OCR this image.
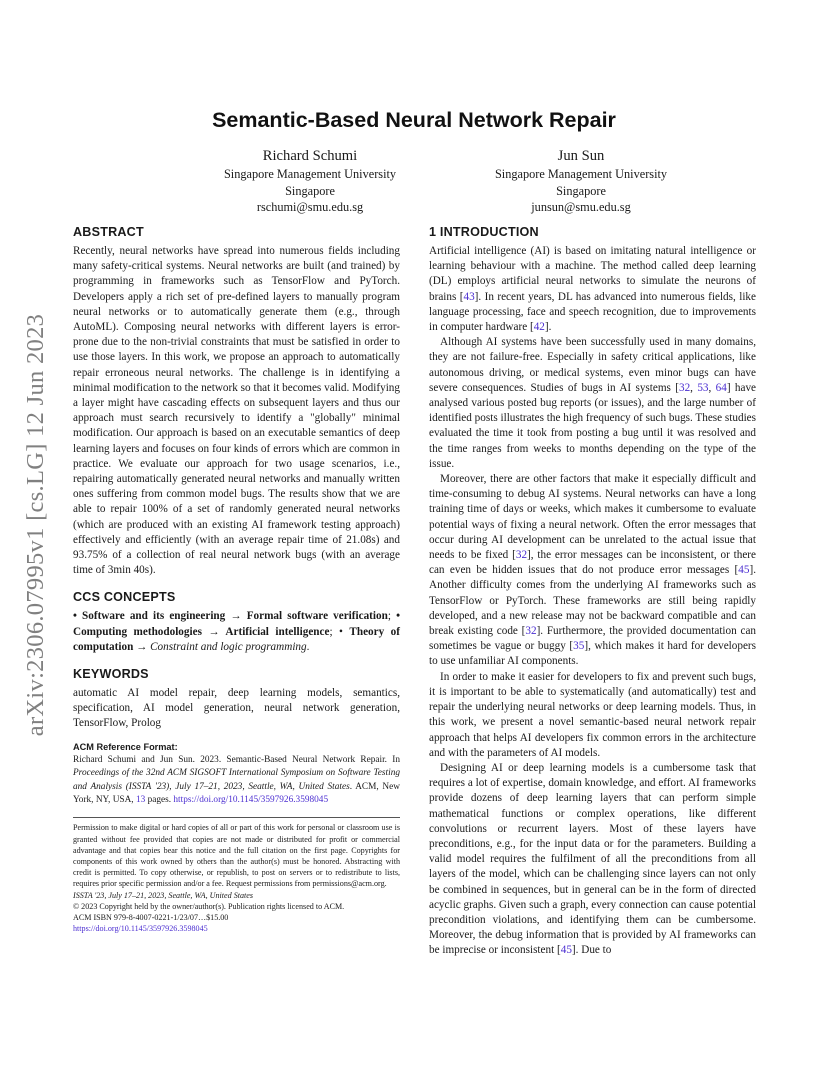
arXiv:2306.07995v1 [cs.LG] 12 Jun 2023
Semantic-Based Neural Network Repair
Richard Schumi
Singapore Management University
Singapore
rschumi@smu.edu.sg
Jun Sun
Singapore Management University
Singapore
junsun@smu.edu.sg
ABSTRACT

Recently, neural networks have spread into numerous fields including many safety-critical systems. Neural networks are built (and trained) by programming in frameworks such as TensorFlow and PyTorch. Developers apply a rich set of pre-defined layers to manually program neural networks or to automatically generate them (e.g., through AutoML). Composing neural networks with different layers is error-prone due to the non-trivial constraints that must be satisfied in order to use those layers. In this work, we propose an approach to automatically repair erroneous neural networks. The challenge is in identifying a minimal modification to the network so that it becomes valid. Modifying a layer might have cascading effects on subsequent layers and thus our approach must search recursively to identify a "globally" minimal modification. Our approach is based on an executable semantics of deep learning layers and focuses on four kinds of errors which are common in practice. We evaluate our approach for two usage scenarios, i.e., repairing automatically generated neural networks and manually written ones suffering from common model bugs. The results show that we are able to repair 100% of a set of randomly generated neural networks (which are produced with an existing AI framework testing approach) effectively and efficiently (with an average repair time of 21.08s) and 93.75% of a collection of real neural network bugs (with an average time of 3min 40s).

CCS CONCEPTS

• Software and its engineering → Formal software verification; • Computing methodologies → Artificial intelligence; • Theory of computation → Constraint and logic programming.

KEYWORDS

automatic AI model repair, deep learning models, semantics, specification, AI model generation, neural network generation, TensorFlow, Prolog

ACM Reference Format:

Richard Schumi and Jun Sun. 2023. Semantic-Based Neural Network Repair. In Proceedings of the 32nd ACM SIGSOFT International Symposium on Software Testing and Analysis (ISSTA '23), July 17–21, 2023, Seattle, WA, United States. ACM, New York, NY, USA, 13 pages. https://doi.org/10.1145/3597926.3598045

Permission to make digital or hard copies of all or part of this work for personal or classroom use is granted without fee provided that copies are not made or distributed for profit or commercial advantage and that copies bear this notice and the full citation on the first page. Copyrights for components of this work owned by others than the author(s) must be honored. Abstracting with credit is permitted. To copy otherwise, or republish, to post on servers or to redistribute to lists, requires prior specific permission and/or a fee. Request permissions from permissions@acm.org.

ISSTA '23, July 17–21, 2023, Seattle, WA, United States

© 2023 Copyright held by the owner/author(s). Publication rights licensed to ACM.

ACM ISBN 979-8-4007-0221-1/23/07…$15.00

https://doi.org/10.1145/3597926.3598045

1 INTRODUCTION

Artificial intelligence (AI) is based on imitating natural intelligence or learning behaviour with a machine. The method called deep learning (DL) employs artificial neural networks to simulate the neurons of brains [43]. In recent years, DL has advanced into numerous fields, like language processing, face and speech recognition, due to improvements in computer hardware [42].

Although AI systems have been successfully used in many domains, they are not failure-free. Especially in safety critical applications, like autonomous driving, or medical systems, even minor bugs can have severe consequences. Studies of bugs in AI systems [32, 53, 64] have analysed various posted bug reports (or issues), and the large number of identified posts illustrates the high frequency of such bugs. These studies evaluated the time it took from posting a bug until it was resolved and the time ranges from weeks to months depending on the type of the issue.

Moreover, there are other factors that make it especially difficult and time-consuming to debug AI systems. Neural networks can have a long training time of days or weeks, which makes it cumbersome to evaluate potential ways of fixing a neural network. Often the error messages that occur during AI development can be unrelated to the actual issue that needs to be fixed [32], the error messages can be inconsistent, or there can even be hidden issues that do not produce error messages [45]. Another difficulty comes from the underlying AI frameworks such as TensorFlow or PyTorch. These frameworks are still being rapidly developed, and a new release may not be backward compatible and can break existing code [32]. Furthermore, the provided documentation can sometimes be vague or buggy [35], which makes it hard for developers to use unfamiliar AI components.

In order to make it easier for developers to fix and prevent such bugs, it is important to be able to systematically (and automatically) test and repair the underlying neural networks or deep learning models. Thus, in this work, we present a novel semantic-based neural network repair approach that helps AI developers fix common errors in the architecture and with the parameters of AI models.

Designing AI or deep learning models is a cumbersome task that requires a lot of expertise, domain knowledge, and effort. AI frameworks provide dozens of deep learning layers that can perform simple mathematical functions or complex operations, like different convolutions or recurrent layers. Most of these layers have preconditions, e.g., for the input data or for the parameters. Building a valid model requires the fulfilment of all the preconditions from all layers of the model, which can be challenging since layers can not only be combined in sequences, but in general can be in the form of directed acyclic graphs. Given such a graph, every connection can cause potential precondition violations, and identifying them can be cumbersome. Moreover, the debug information that is provided by AI frameworks can be imprecise or inconsistent [45]. Due to
